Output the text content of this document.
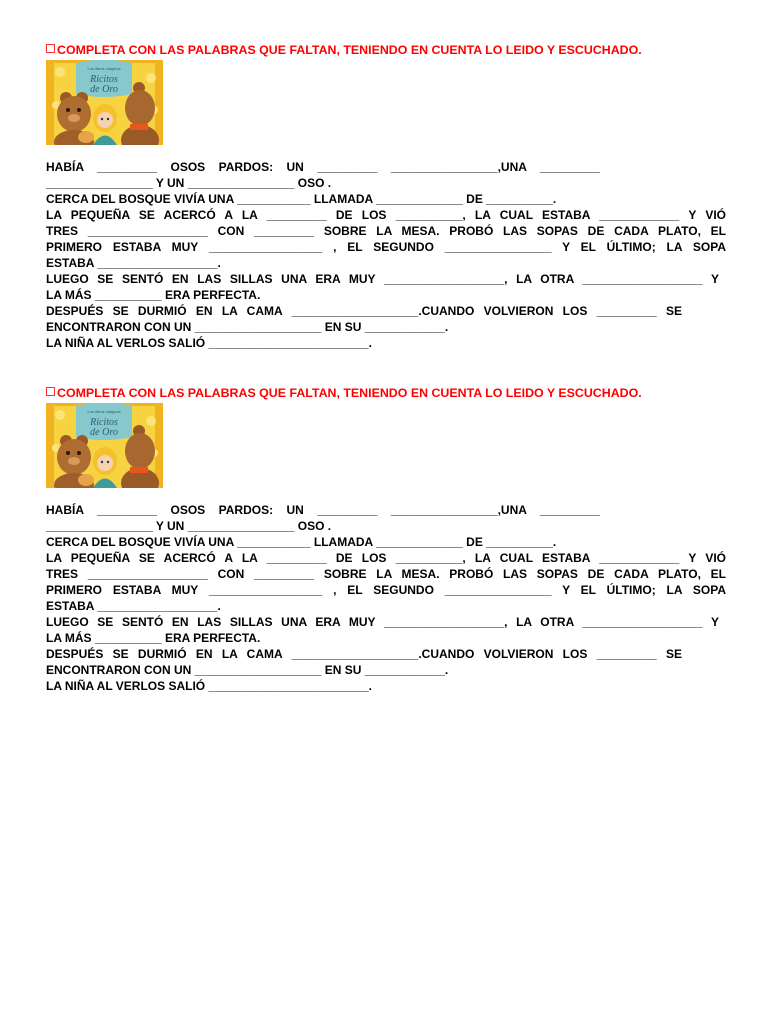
COMPLETA CON LAS PALABRAS QUE FALTAN, TENIENDO EN CUENTA LO LEIDO Y ESCUCHADO.
Los libros mágicos
Ricitos
de Oro
HABÍA _________ OSOS PARDOS: UN _________ ________________,UNA _________
________________ Y UN ________________ OSO .
CERCA DEL BOSQUE VIVÍA UNA ___________ LLAMADA _____________ DE __________.
LA PEQUEÑA SE ACERCÓ A LA _________ DE LOS __________, LA CUAL ESTABA ____________ Y VIÓ
TRES __________________ CON _________ SOBRE LA MESA. PROBÓ LAS SOPAS DE CADA PLATO, EL
PRIMERO ESTABA MUY _________________ , EL SEGUNDO ________________ Y EL ÚLTIMO; LA SOPA
ESTABA __________________.
LUEGO SE SENTÓ EN LAS SILLAS UNA ERA MUY __________________, LA OTRA __________________ Y
LA MÁS __________ ERA PERFECTA.
DESPUÉS SE DURMIÓ EN LA CAMA ___________________.CUANDO VOLVIERON LOS _________ SE
ENCONTRARON CON UN ___________________ EN SU ____________.
LA NIÑA AL VERLOS SALIÓ ________________________.
COMPLETA CON LAS PALABRAS QUE FALTAN, TENIENDO EN CUENTA LO LEIDO Y ESCUCHADO.
Los libros mágicos
Ricitos
de Oro
HABÍA _________ OSOS PARDOS: UN _________ ________________,UNA _________
________________ Y UN ________________ OSO .
CERCA DEL BOSQUE VIVÍA UNA ___________ LLAMADA _____________ DE __________.
LA PEQUEÑA SE ACERCÓ A LA _________ DE LOS __________, LA CUAL ESTABA ____________ Y VIÓ
TRES __________________ CON _________ SOBRE LA MESA. PROBÓ LAS SOPAS DE CADA PLATO, EL
PRIMERO ESTABA MUY _________________ , EL SEGUNDO ________________ Y EL ÚLTIMO; LA SOPA
ESTABA __________________.
LUEGO SE SENTÓ EN LAS SILLAS UNA ERA MUY __________________, LA OTRA __________________ Y
LA MÁS __________ ERA PERFECTA.
DESPUÉS SE DURMIÓ EN LA CAMA ___________________.CUANDO VOLVIERON LOS _________ SE
ENCONTRARON CON UN ___________________ EN SU ____________.
LA NIÑA AL VERLOS SALIÓ ________________________.
